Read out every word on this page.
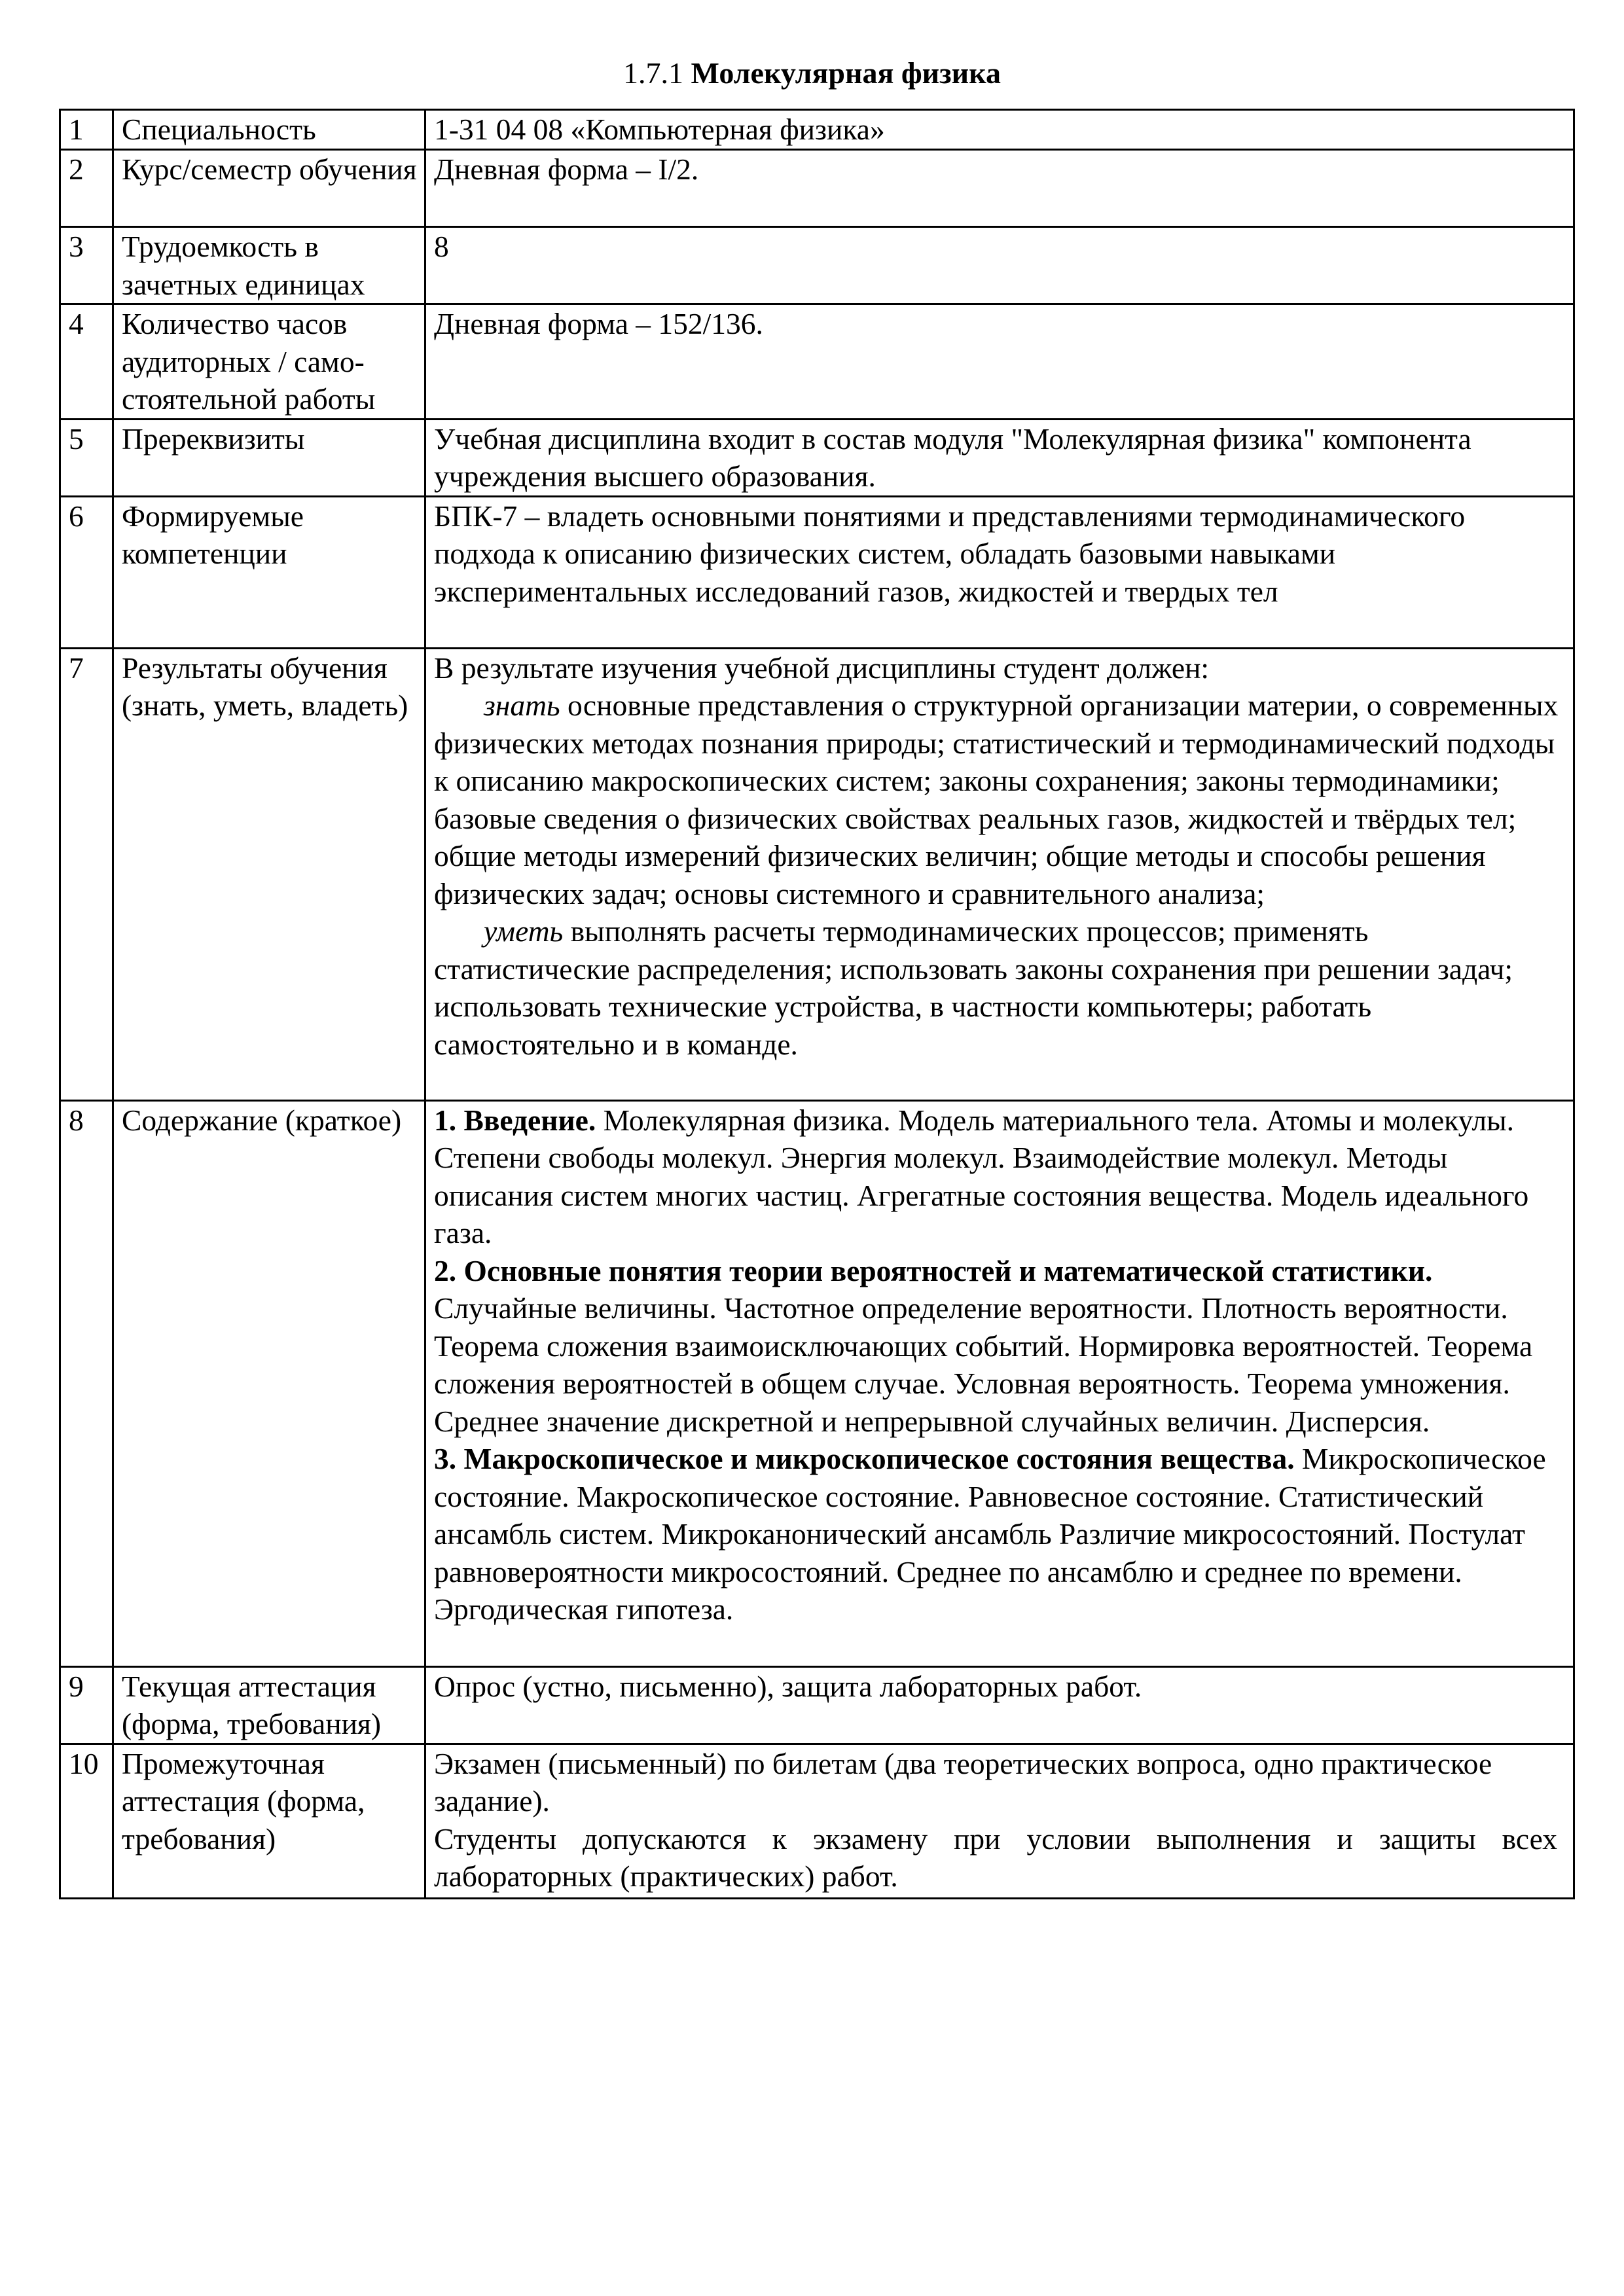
1.7.1 Молекулярная физика
1	Специальность	1-31 04 08 «Компьютерная физика»
2	Курс/семестр обучения	Дневная форма – I/2.
3	Трудоемкость в зачетных единицах	8
4	Количество часов аудиторных / само-стоятельной работы	Дневная форма – 152/136.
5	Пререквизиты	Учебная дисциплина входит в состав модуля "Молекулярная физика" компонента учреждения высшего образования.
6	Формируемые компетенции	БПК-7 – владеть основными понятиями и представлениями термодинамического подхода к описанию физических систем, обладать базовыми навыками экспериментальных исследований газов, жидкостей и твердых тел
7	Результаты обучения (знать, уметь, владеть)	В результате изучения учебной дисциплины студент должен:

знать основные представления о структурной организации материи, о современных физических методах познания природы; статистический и термодинамический подходы к описанию макроскопических систем; законы сохранения; законы термодинамики; базовые сведения о физических свойствах реальных газов, жидкостей и твёрдых тел; общие методы измерений физических величин; общие методы и способы решения физических задач; основы системного и сравнительного анализа;

уметь выполнять расчеты термодинамических процессов; применять статистические распределения; использовать законы сохранения при решении задач; использовать технические устройства, в частности компьютеры; работать самостоятельно и в команде.

8	Содержание (краткое)	1. Введение. Молекулярная физика. Модель материального тела. Атомы и молекулы. Степени свободы молекул. Энергия молекул. Взаимодействие молекул. Методы описания систем многих частиц. Агрегатные состояния вещества. Модель идеального газа.

2. Основные понятия теории вероятностей и математической статистики. Случайные величины. Частотное определение вероятности. Плотность вероятности. Теорема сложения взаимоисключающих событий. Нормировка вероятностей. Теорема сложения вероятностей в общем случае. Условная вероятность. Теорема умножения. Среднее значение дискретной и непрерывной случайных величин. Дисперсия.

3. Макроскопическое и микроскопическое состояния вещества. Микроскопическое состояние. Макроскопическое состояние. Равновесное состояние. Статистический ансамбль систем. Микроканонический ансамбль Различие микросостояний. Постулат равновероятности микросостояний. Среднее по ансамблю и среднее по времени. Эргодическая гипотеза.

9	Текущая аттестация (форма, требования)	Опрос (устно, письменно), защита лабораторных работ.
10	Промежуточная аттестация (форма, требования)	Экзамен (письменный) по билетам (два теоретических вопроса, одно практическое задание).

Студенты допускаются к экзамену при условии выполнения и защиты всех лабораторных (практических) работ.
